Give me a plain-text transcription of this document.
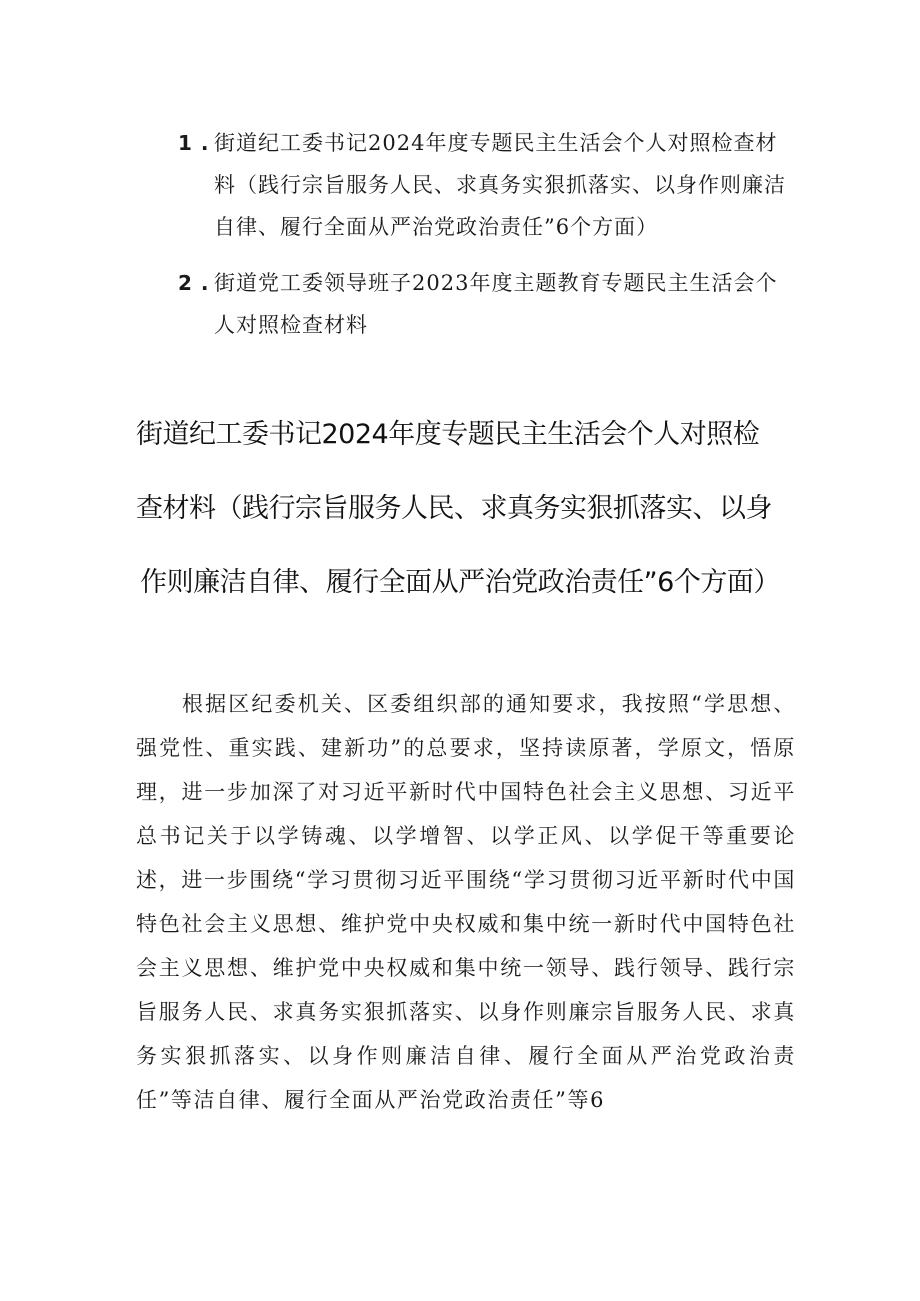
1 . 街道纪工委书记2024年度专题民主生活会个人对照检查材料（践行宗旨服务人民、求真务实狠抓落实、以身作则廉洁自律、履行全面从严治党政治责任”6个方面）
2 . 街道党工委领导班子2023年度主题教育专题民主生活会个人对照检查材料
街道纪工委书记2024年度专题民主生活会个人对照检查材料（践行宗旨服务人民、求真务实狠抓落实、以身作则廉洁自律、履行全面从严治党政治责任”6个方面）

根据区纪委机关、区委组织部的通知要求，我按照“学思想、强党性、重实践、建新功”的总要求，坚持读原著，学原文，悟原理，进一步加深了对习近平新时代中国特色社会主义思想、习近平总书记关于以学铸魂、以学增智、以学正风、以学促干等重要论述，进一步围绕“学习贯彻习近平围绕“学习贯彻习近平新时代中国特色社会主义思想、维护党中央权威和集中统一新时代中国特色社会主义思想、维护党中央权威和集中统一领导、践行领导、践行宗旨服务人民、求真务实狠抓落实、以身作则廉宗旨服务人民、求真务实狠抓落实、以身作则廉洁自律、履行全面从严治党政治责任”等洁自律、履行全面从严治党政治责任”等6
